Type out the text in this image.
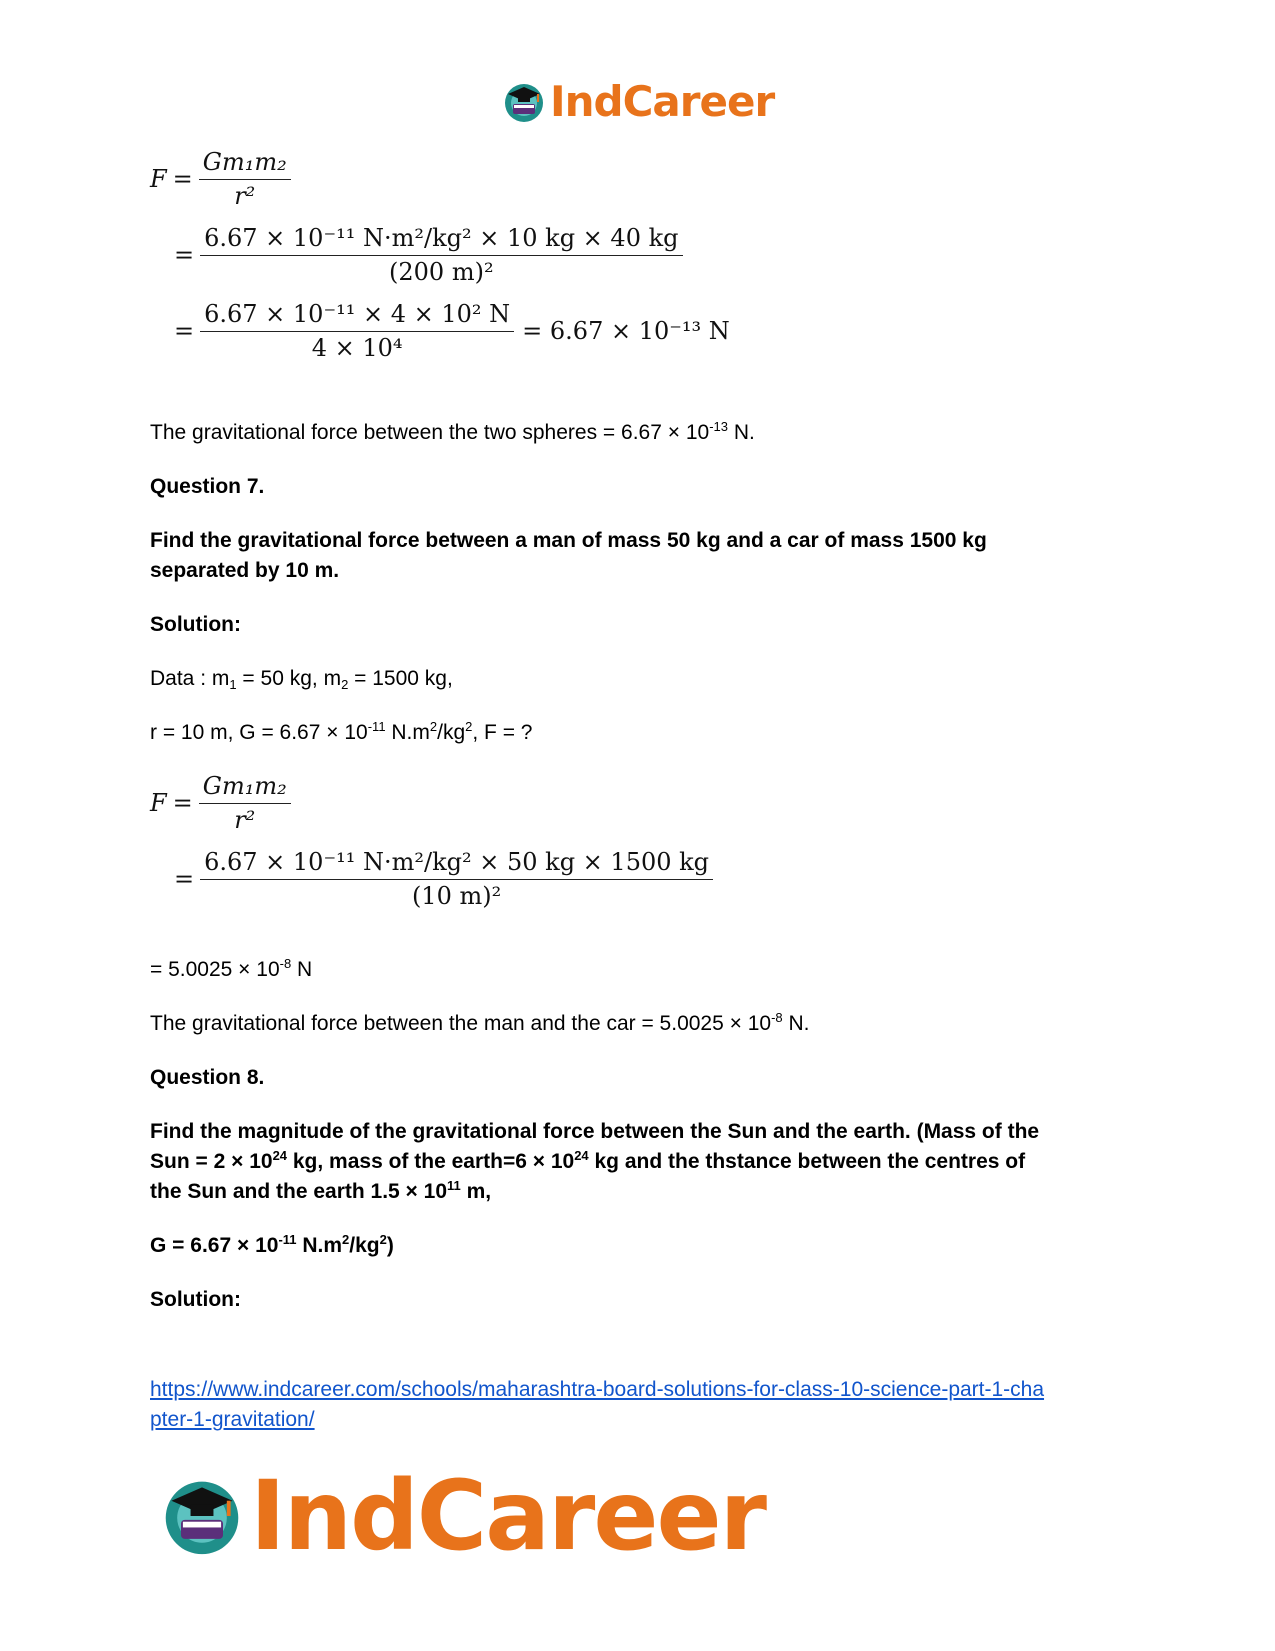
IndCareer
$F = \frac{\text{Gm₁m₂}}{\text{r²}}$
= $\frac{\text{6.67 × 10⁻¹¹ N·m²/kg² × 10 kg × 40 kg}}{\text{(200 m)²}}$
= $\frac{\text{6.67 × 10⁻¹¹ × 4 × 10² N}}{\text{4 × 10⁴}} = 6.67 \times 10^{-13}$ N
The gravitational force between the two spheres = $6.67 \times 10^{-13}$ N.
Question 7.
Find the gravitational force between a man of mass 50 kg and a car of mass 1500 kg
separated by 10 m.
Solution:
Data : $m_1 = 50$ kg, $m_2 = 1500$ kg,
r = 10 m, $G = 6.67 \times 10^{-11}$ $N.m^2/kg^2$, F = ?
$F = \frac{\text{Gm₁m₂}}{\text{r²}}$
= $\frac{\text{6.67 × 10⁻¹¹ N·m²/kg² × 50 kg × 1500 kg}}{\text{(10 m)²}}$
= $5.0025 \times 10^{-8}$ N
The gravitational force between the man and the car = $5.0025 \times 10^{-8}$ N.
Question 8.
Find the magnitude of the gravitational force between the Sun and the earth. (Mass of the
Sun = $2 \times 10^{24}$ kg, mass of the earth=6 × $10^{24}$ kg and the thstance between the centres of
the Sun and the earth $1.5 \times 10^{11}$ m,
$G = 6.67 \times 10^{-11}$ $N.m^2/kg^2$)
Solution:
https://www.indcareer.com/schools/maharashtra-board-solutions-for-class-10-science-part-1-cha
pter-1-gravitation/
IndCareer
